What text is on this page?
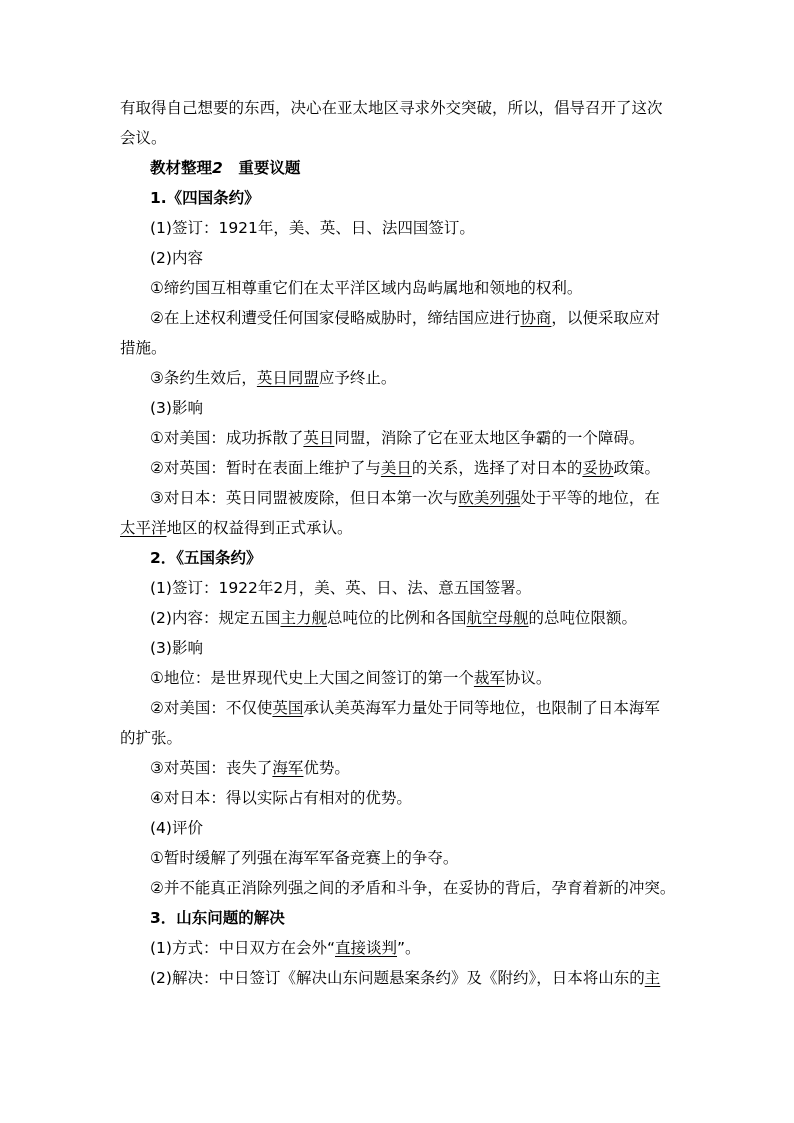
有取得自己想要的东西，决心在亚太地区寻求外交突破，所以，倡导召开了这次
会议。
教材整理2　重要议题
1.《四国条约》
(1)签订：1921年，美、英、日、法四国签订。
(2)内容
①缔约国互相尊重它们在太平洋区域内岛屿属地和领地的权利。
②在上述权利遭受任何国家侵略威胁时，缔结国应进行协商，以便采取应对
措施。
③条约生效后，英日同盟应予终止。
(3)影响
①对美国：成功拆散了英日同盟，消除了它在亚太地区争霸的一个障碍。
②对英国：暂时在表面上维护了与美日的关系，选择了对日本的妥协政策。
③对日本：英日同盟被废除，但日本第一次与欧美列强处于平等的地位，在
太平洋地区的权益得到正式承认。
2．《五国条约》
(1)签订：1922年2月，美、英、日、法、意五国签署。
(2)内容：规定五国主力舰总吨位的比例和各国航空母舰的总吨位限额。
(3)影响
①地位：是世界现代史上大国之间签订的第一个裁军协议。
②对美国：不仅使英国承认美英海军力量处于同等地位，也限制了日本海军
的扩张。
③对英国：丧失了海军优势。
④对日本：得以实际占有相对的优势。
(4)评价
①暂时缓解了列强在海军军备竞赛上的争夺。
②并不能真正消除列强之间的矛盾和斗争，在妥协的背后，孕育着新的冲突。
3．山东问题的解决
(1)方式：中日双方在会外“直接谈判”。
(2)解决：中日签订《解决山东问题悬案条约》及《附约》，日本将山东的主
